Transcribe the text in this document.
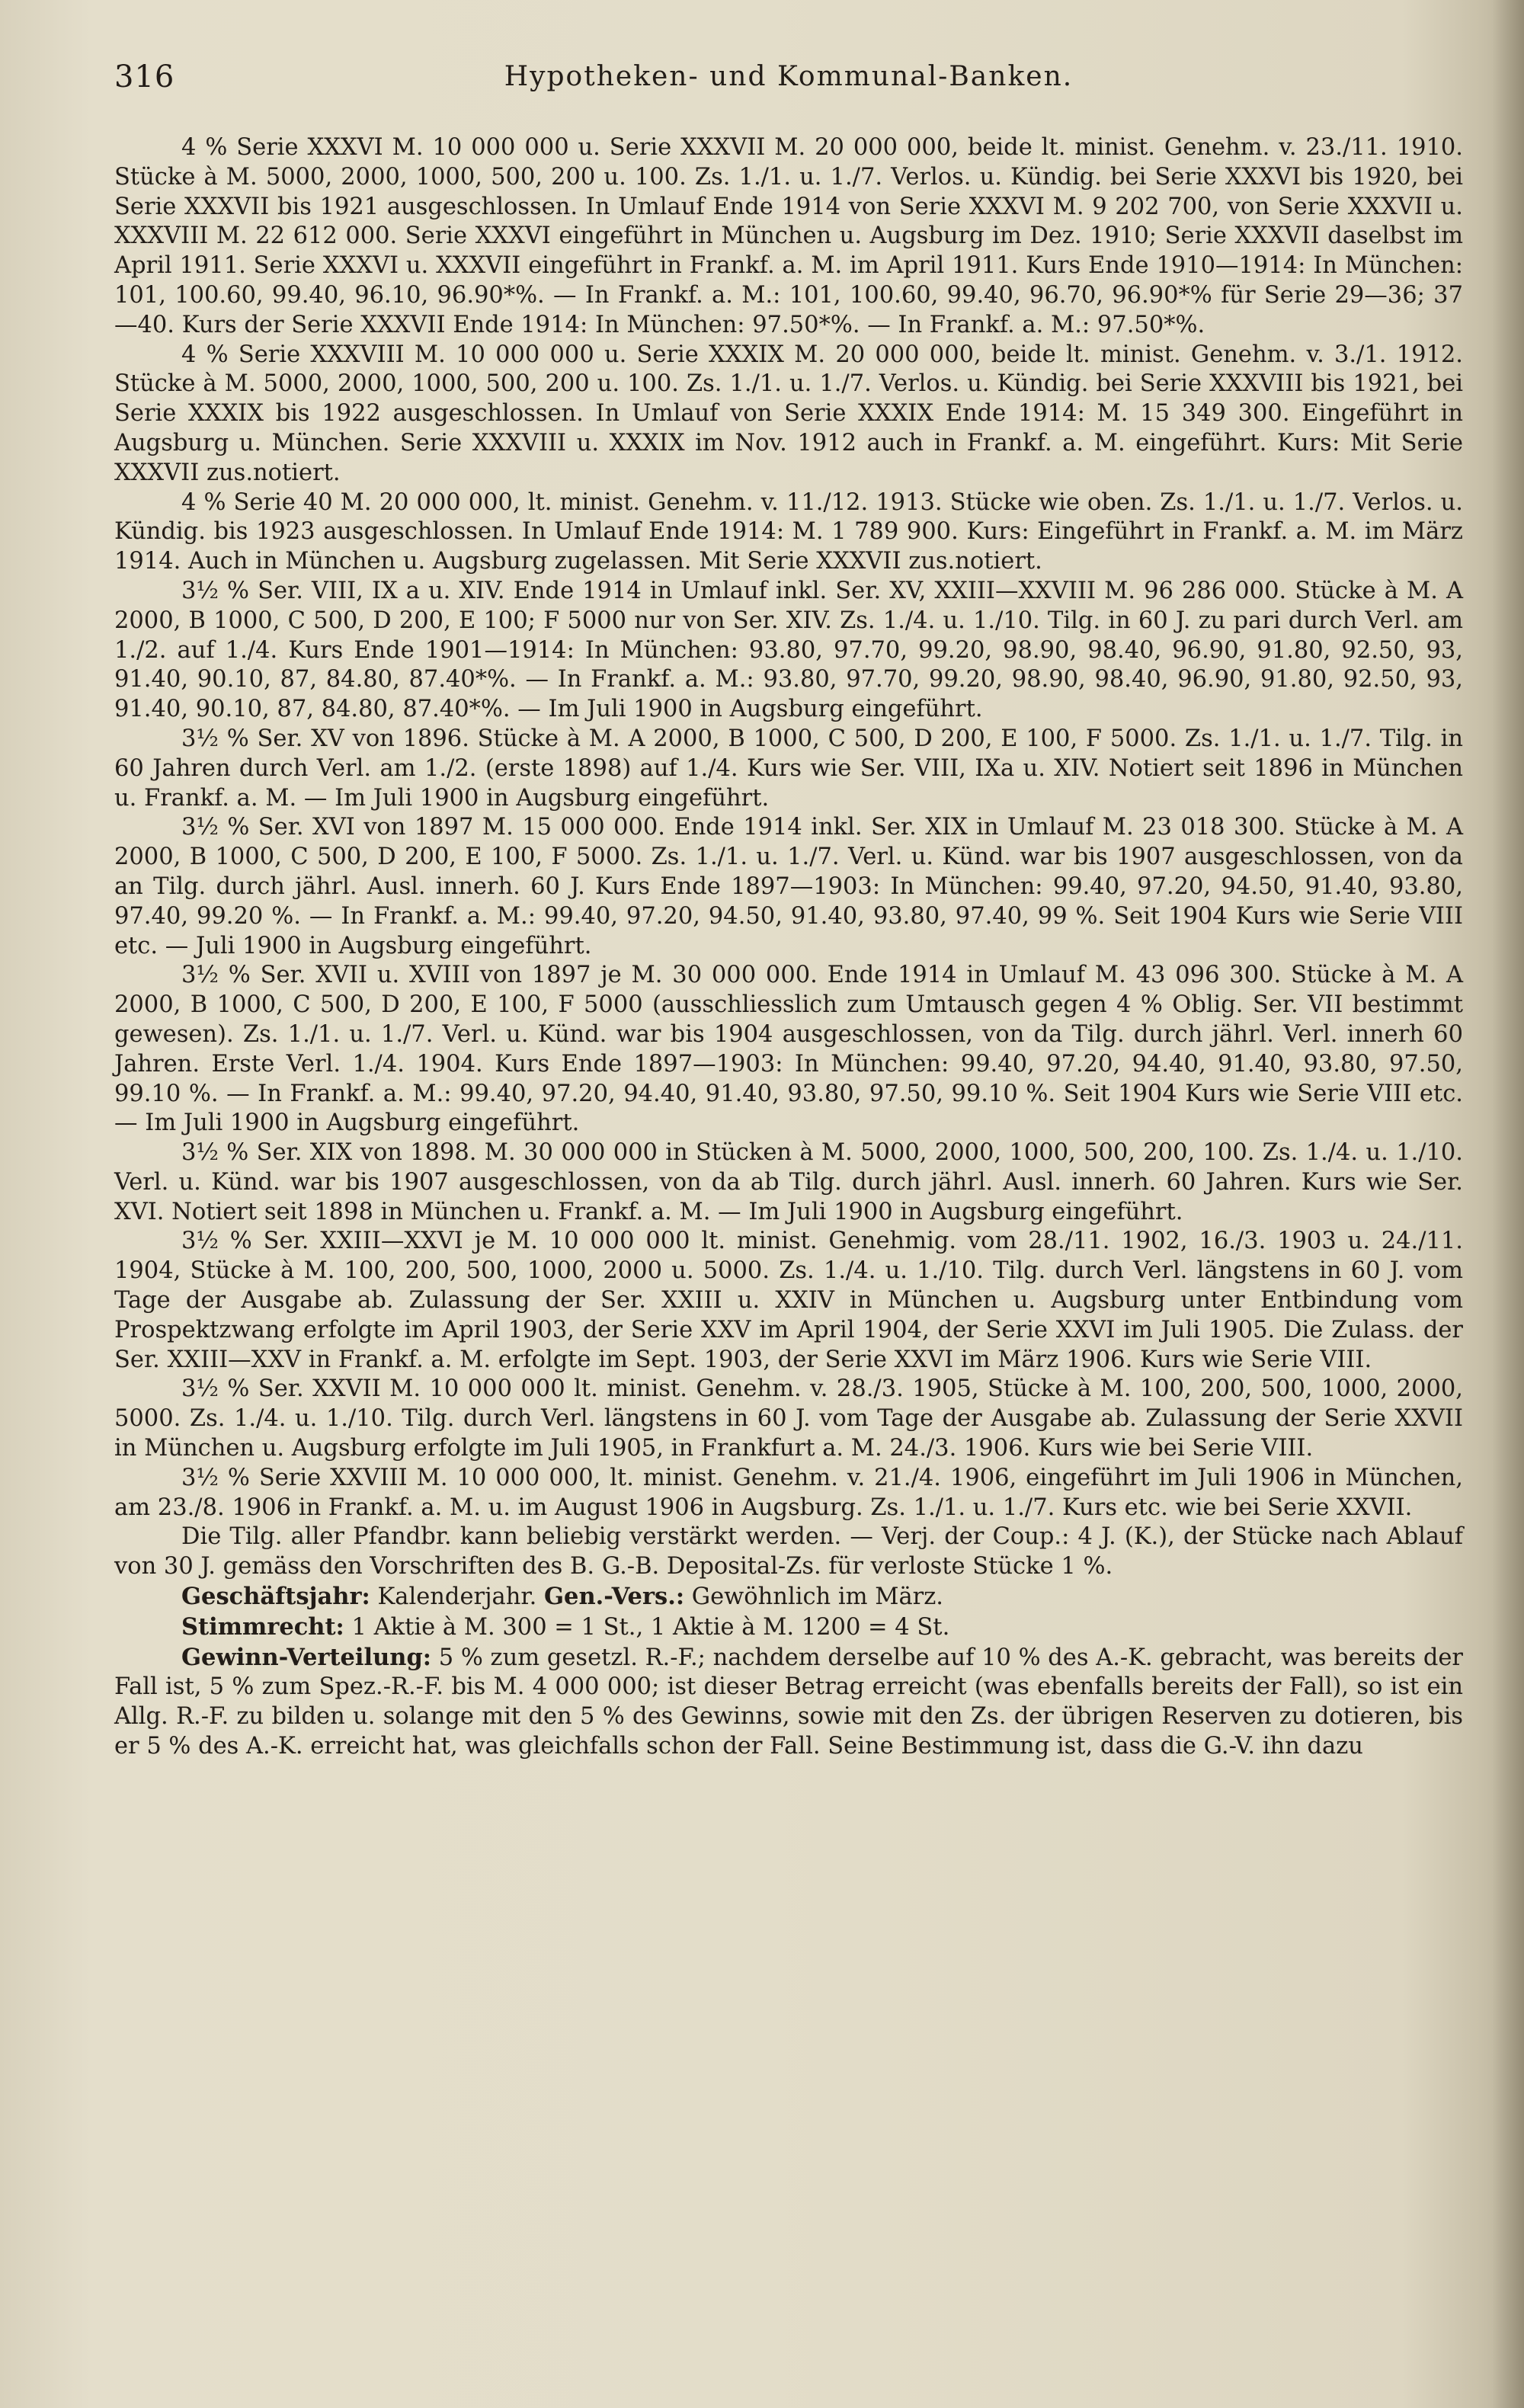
316	Hypotheken- und Kommunal-Banken.

4 % Serie XXXVI M. 10 000 000 u. Serie XXXVII M. 20 000 000, beide lt. minist. Genehm. v. 23./11. 1910. Stücke à M. 5000, 2000, 1000, 500, 200 u. 100. Zs. 1./1. u. 1./7. Verlos. u. Kündig. bei Serie XXXVI bis 1920, bei Serie XXXVII bis 1921 ausgeschlossen. In Umlauf Ende 1914 von Serie XXXVI M. 9 202 700, von Serie XXXVII u. XXXVIII M. 22 612 000. Serie XXXVI eingeführt in München u. Augsburg im Dez. 1910; Serie XXXVII daselbst im April 1911. Serie XXXVI u. XXXVII eingeführt in Frankf. a. M. im April 1911. Kurs Ende 1910—1914: In München: 101, 100.60, 99.40, 96.10, 96.90*%. — In Frankf. a. M.: 101, 100.60, 99.40, 96.70, 96.90*% für Serie 29—36; 37—40. Kurs der Serie XXXVII Ende 1914: In München: 97.50*%. — In Frankf. a. M.: 97.50*%.

4 % Serie XXXVIII M. 10 000 000 u. Serie XXXIX M. 20 000 000, beide lt. minist. Genehm. v. 3./1. 1912. Stücke à M. 5000, 2000, 1000, 500, 200 u. 100. Zs. 1./1. u. 1./7. Verlos. u. Kündig. bei Serie XXXVIII bis 1921, bei Serie XXXIX bis 1922 ausgeschlossen. In Umlauf von Serie XXXIX Ende 1914: M. 15 349 300. Eingeführt in Augsburg u. München. Serie XXXVIII u. XXXIX im Nov. 1912 auch in Frankf. a. M. eingeführt. Kurs: Mit Serie XXXVII zus.notiert.

4 % Serie 40 M. 20 000 000, lt. minist. Genehm. v. 11./12. 1913. Stücke wie oben. Zs. 1./1. u. 1./7. Verlos. u. Kündig. bis 1923 ausgeschlossen. In Umlauf Ende 1914: M. 1 789 900. Kurs: Eingeführt in Frankf. a. M. im März 1914. Auch in München u. Augsburg zugelassen. Mit Serie XXXVII zus.notiert.

3½ % Ser. VIII, IX a u. XIV. Ende 1914 in Umlauf inkl. Ser. XV, XXIII—XXVIII M. 96 286 000. Stücke à M. A 2000, B 1000, C 500, D 200, E 100; F 5000 nur von Ser. XIV. Zs. 1./4. u. 1./10. Tilg. in 60 J. zu pari durch Verl. am 1./2. auf 1./4. Kurs Ende 1901—1914: In München: 93.80, 97.70, 99.20, 98.90, 98.40, 96.90, 91.80, 92.50, 93, 91.40, 90.10, 87, 84.80, 87.40*%. — In Frankf. a. M.: 93.80, 97.70, 99.20, 98.90, 98.40, 96.90, 91.80, 92.50, 93, 91.40, 90.10, 87, 84.80, 87.40*%. — Im Juli 1900 in Augsburg eingeführt.

3½ % Ser. XV von 1896. Stücke à M. A 2000, B 1000, C 500, D 200, E 100, F 5000. Zs. 1./1. u. 1./7. Tilg. in 60 Jahren durch Verl. am 1./2. (erste 1898) auf 1./4. Kurs wie Ser. VIII, IXa u. XIV. Notiert seit 1896 in München u. Frankf. a. M. — Im Juli 1900 in Augsburg eingeführt.

3½ % Ser. XVI von 1897 M. 15 000 000. Ende 1914 inkl. Ser. XIX in Umlauf M. 23 018 300. Stücke à M. A 2000, B 1000, C 500, D 200, E 100, F 5000. Zs. 1./1. u. 1./7. Verl. u. Künd. war bis 1907 ausgeschlossen, von da an Tilg. durch jährl. Ausl. innerh. 60 J. Kurs Ende 1897—1903: In München: 99.40, 97.20, 94.50, 91.40, 93.80, 97.40, 99.20 %. — In Frankf. a. M.: 99.40, 97.20, 94.50, 91.40, 93.80, 97.40, 99 %. Seit 1904 Kurs wie Serie VIII etc. — Juli 1900 in Augsburg eingeführt.

3½ % Ser. XVII u. XVIII von 1897 je M. 30 000 000. Ende 1914 in Umlauf M. 43 096 300. Stücke à M. A 2000, B 1000, C 500, D 200, E 100, F 5000 (ausschliesslich zum Umtausch gegen 4 % Oblig. Ser. VII bestimmt gewesen). Zs. 1./1. u. 1./7. Verl. u. Künd. war bis 1904 ausgeschlossen, von da Tilg. durch jährl. Verl. innerh 60 Jahren. Erste Verl. 1./4. 1904. Kurs Ende 1897—1903: In München: 99.40, 97.20, 94.40, 91.40, 93.80, 97.50, 99.10 %. — In Frankf. a. M.: 99.40, 97.20, 94.40, 91.40, 93.80, 97.50, 99.10 %. Seit 1904 Kurs wie Serie VIII etc. — Im Juli 1900 in Augsburg eingeführt.

3½ % Ser. XIX von 1898. M. 30 000 000 in Stücken à M. 5000, 2000, 1000, 500, 200, 100. Zs. 1./4. u. 1./10. Verl. u. Künd. war bis 1907 ausgeschlossen, von da ab Tilg. durch jährl. Ausl. innerh. 60 Jahren. Kurs wie Ser. XVI. Notiert seit 1898 in München u. Frankf. a. M. — Im Juli 1900 in Augsburg eingeführt.

3½ % Ser. XXIII—XXVI je M. 10 000 000 lt. minist. Genehmig. vom 28./11. 1902, 16./3. 1903 u. 24./11. 1904, Stücke à M. 100, 200, 500, 1000, 2000 u. 5000. Zs. 1./4. u. 1./10. Tilg. durch Verl. längstens in 60 J. vom Tage der Ausgabe ab. Zulassung der Ser. XXIII u. XXIV in München u. Augsburg unter Entbindung vom Prospektzwang erfolgte im April 1903, der Serie XXV im April 1904, der Serie XXVI im Juli 1905. Die Zulass. der Ser. XXIII—XXV in Frankf. a. M. erfolgte im Sept. 1903, der Serie XXVI im März 1906. Kurs wie Serie VIII.

3½ % Ser. XXVII M. 10 000 000 lt. minist. Genehm. v. 28./3. 1905, Stücke à M. 100, 200, 500, 1000, 2000, 5000. Zs. 1./4. u. 1./10. Tilg. durch Verl. längstens in 60 J. vom Tage der Ausgabe ab. Zulassung der Serie XXVII in München u. Augsburg erfolgte im Juli 1905, in Frankfurt a. M. 24./3. 1906. Kurs wie bei Serie VIII.

3½ % Serie XXVIII M. 10 000 000, lt. minist. Genehm. v. 21./4. 1906, eingeführt im Juli 1906 in München, am 23./8. 1906 in Frankf. a. M. u. im August 1906 in Augsburg. Zs. 1./1. u. 1./7. Kurs etc. wie bei Serie XXVII.

Die Tilg. aller Pfandbr. kann beliebig verstärkt werden. — Verj. der Coup.: 4 J. (K.), der Stücke nach Ablauf von 30 J. gemäss den Vorschriften des B. G.-B. Deposital-Zs. für verloste Stücke 1 %.

Geschäftsjahr: Kalenderjahr. Gen.-Vers.: Gewöhnlich im März.

Stimmrecht: 1 Aktie à M. 300 = 1 St., 1 Aktie à M. 1200 = 4 St.

Gewinn-Verteilung: 5 % zum gesetzl. R.-F.; nachdem derselbe auf 10 % des A.-K. gebracht, was bereits der Fall ist, 5 % zum Spez.-R.-F. bis M. 4 000 000; ist dieser Betrag erreicht (was ebenfalls bereits der Fall), so ist ein Allg. R.-F. zu bilden u. solange mit den 5 % des Gewinns, sowie mit den Zs. der übrigen Reserven zu dotieren, bis er 5 % des A.-K. erreicht hat, was gleichfalls schon der Fall. Seine Bestimmung ist, dass die G.-V. ihn dazu
